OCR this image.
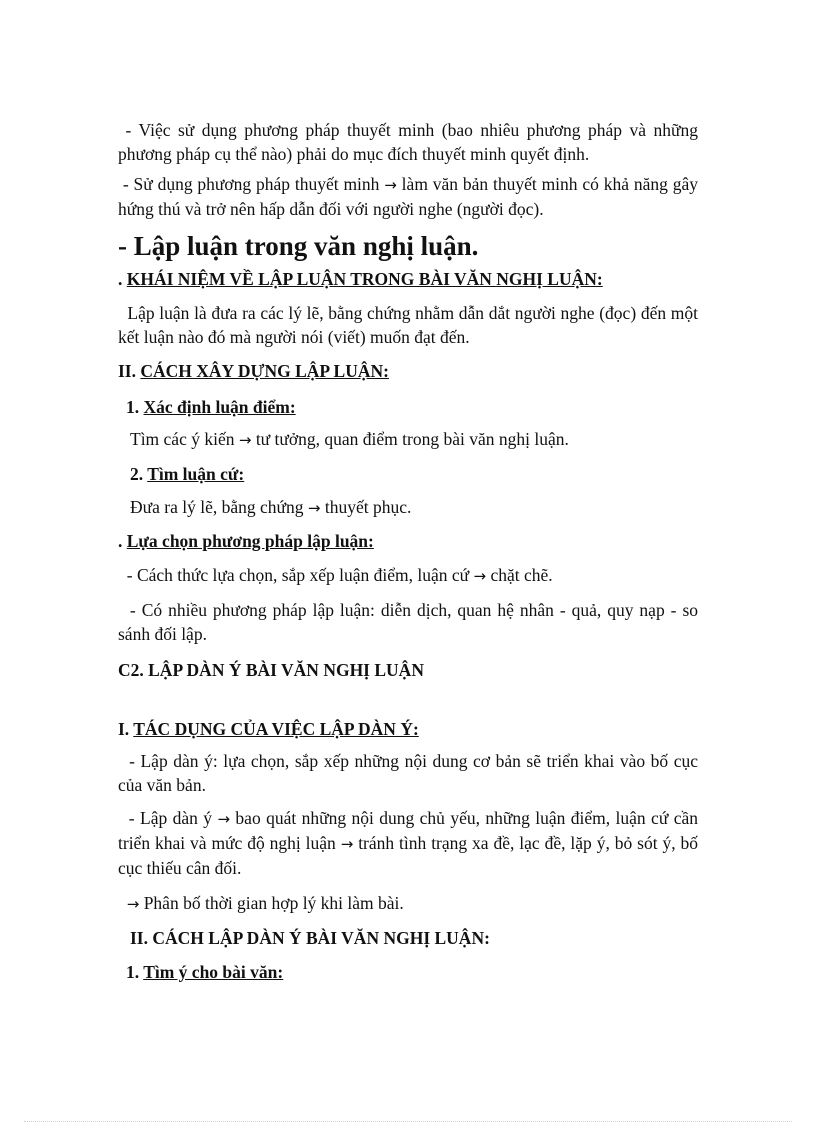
- Việc sử dụng phương pháp thuyết minh (bao nhiêu phương pháp và những phương pháp cụ thể nào) phải do mục đích thuyết minh quyết định.

- Sử dụng phương pháp thuyết minh → làm văn bản thuyết minh có khả năng gây hứng thú và trở nên hấp dẫn đối với người nghe (người đọc).

- Lập luận trong văn nghị luận.

. KHÁI NIỆM VỀ LẬP LUẬN TRONG BÀI VĂN NGHỊ LUẬN:

Lập luận là đưa ra các lý lẽ, bằng chứng nhằm dẫn dắt người nghe (đọc) đến một kết luận nào đó mà người nói (viết) muốn đạt đến.

II. CÁCH XÂY DỰNG LẬP LUẬN:

1. Xác định luận điểm:

Tìm các ý kiến → tư tưởng, quan điểm trong bài văn nghị luận.

2. Tìm luận cứ:

Đưa ra lý lẽ, bằng chứng → thuyết phục.

. Lựa chọn phương pháp lập luận:

- Cách thức lựa chọn, sắp xếp luận điểm, luận cứ → chặt chẽ.

- Có nhiều phương pháp lập luận: diễn dịch, quan hệ nhân - quả, quy nạp - so sánh đối lập.

C2. LẬP DÀN Ý BÀI VĂN NGHỊ LUẬN

I. TÁC DỤNG CỦA VIỆC LẬP DÀN Ý:

- Lập dàn ý: lựa chọn, sắp xếp những nội dung cơ bản sẽ triển khai vào bố cục của văn bản.

- Lập dàn ý → bao quát những nội dung chủ yếu, những luận điểm, luận cứ cần triển khai và mức độ nghị luận → tránh tình trạng xa đề, lạc đề, lặp ý, bỏ sót ý, bố cục thiếu cân đối.

→ Phân bố thời gian hợp lý khi làm bài.

II. CÁCH LẬP DÀN Ý BÀI VĂN NGHỊ LUẬN:

1. Tìm ý cho bài văn:
